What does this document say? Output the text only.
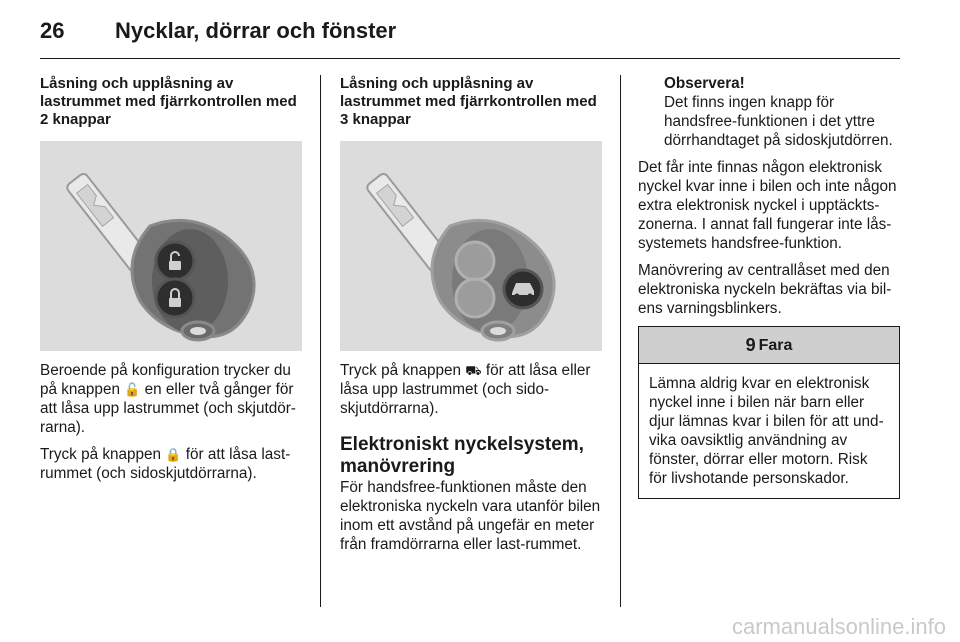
26	Nycklar, dörrar och fönster
Låsning och upplåsning av lastrummet med fjärrkontrollen med 2 knappar

Beroende på konfiguration trycker du på knappen 🔓 en eller två gånger för att låsa upp lastrummet (och skjutdör-rarna).

Tryck på knappen 🔒 för att låsa last-rummet (och sidoskjutdörrarna).

Låsning och upplåsning av lastrummet med fjärrkontrollen med 3 knappar

Tryck på knappen ⛟ för att låsa eller låsa upp lastrummet (och sido-skjutdörrarna).

Elektroniskt nyckelsystem, manövrering

För handsfree-funktionen måste den elektroniska nyckeln vara utanför bilen inom ett avstånd på ungefär en meter från framdörrarna eller last-rummet.

Observera!
Det finns ingen knapp för handsfree-funktionen i det yttre dörrhandtaget på sidoskjutdörren.

Det får inte finnas någon elektronisk nyckel kvar inne i bilen och inte någon extra elektronisk nyckel i upptäckts-zonerna. I annat fall fungerar inte lås-systemets handsfree-funktion.

Manövrering av centrallåset med den elektroniska nyckeln bekräftas via bil-ens varningsblinkers.

9 Fara
Lämna aldrig kvar en elektronisk nyckel inne i bilen när barn eller djur lämnas kvar i bilen för att und-vika oavsiktlig användning av fönster, dörrar eller motorn. Risk för livshotande personskador.
carmanualsonline.info
